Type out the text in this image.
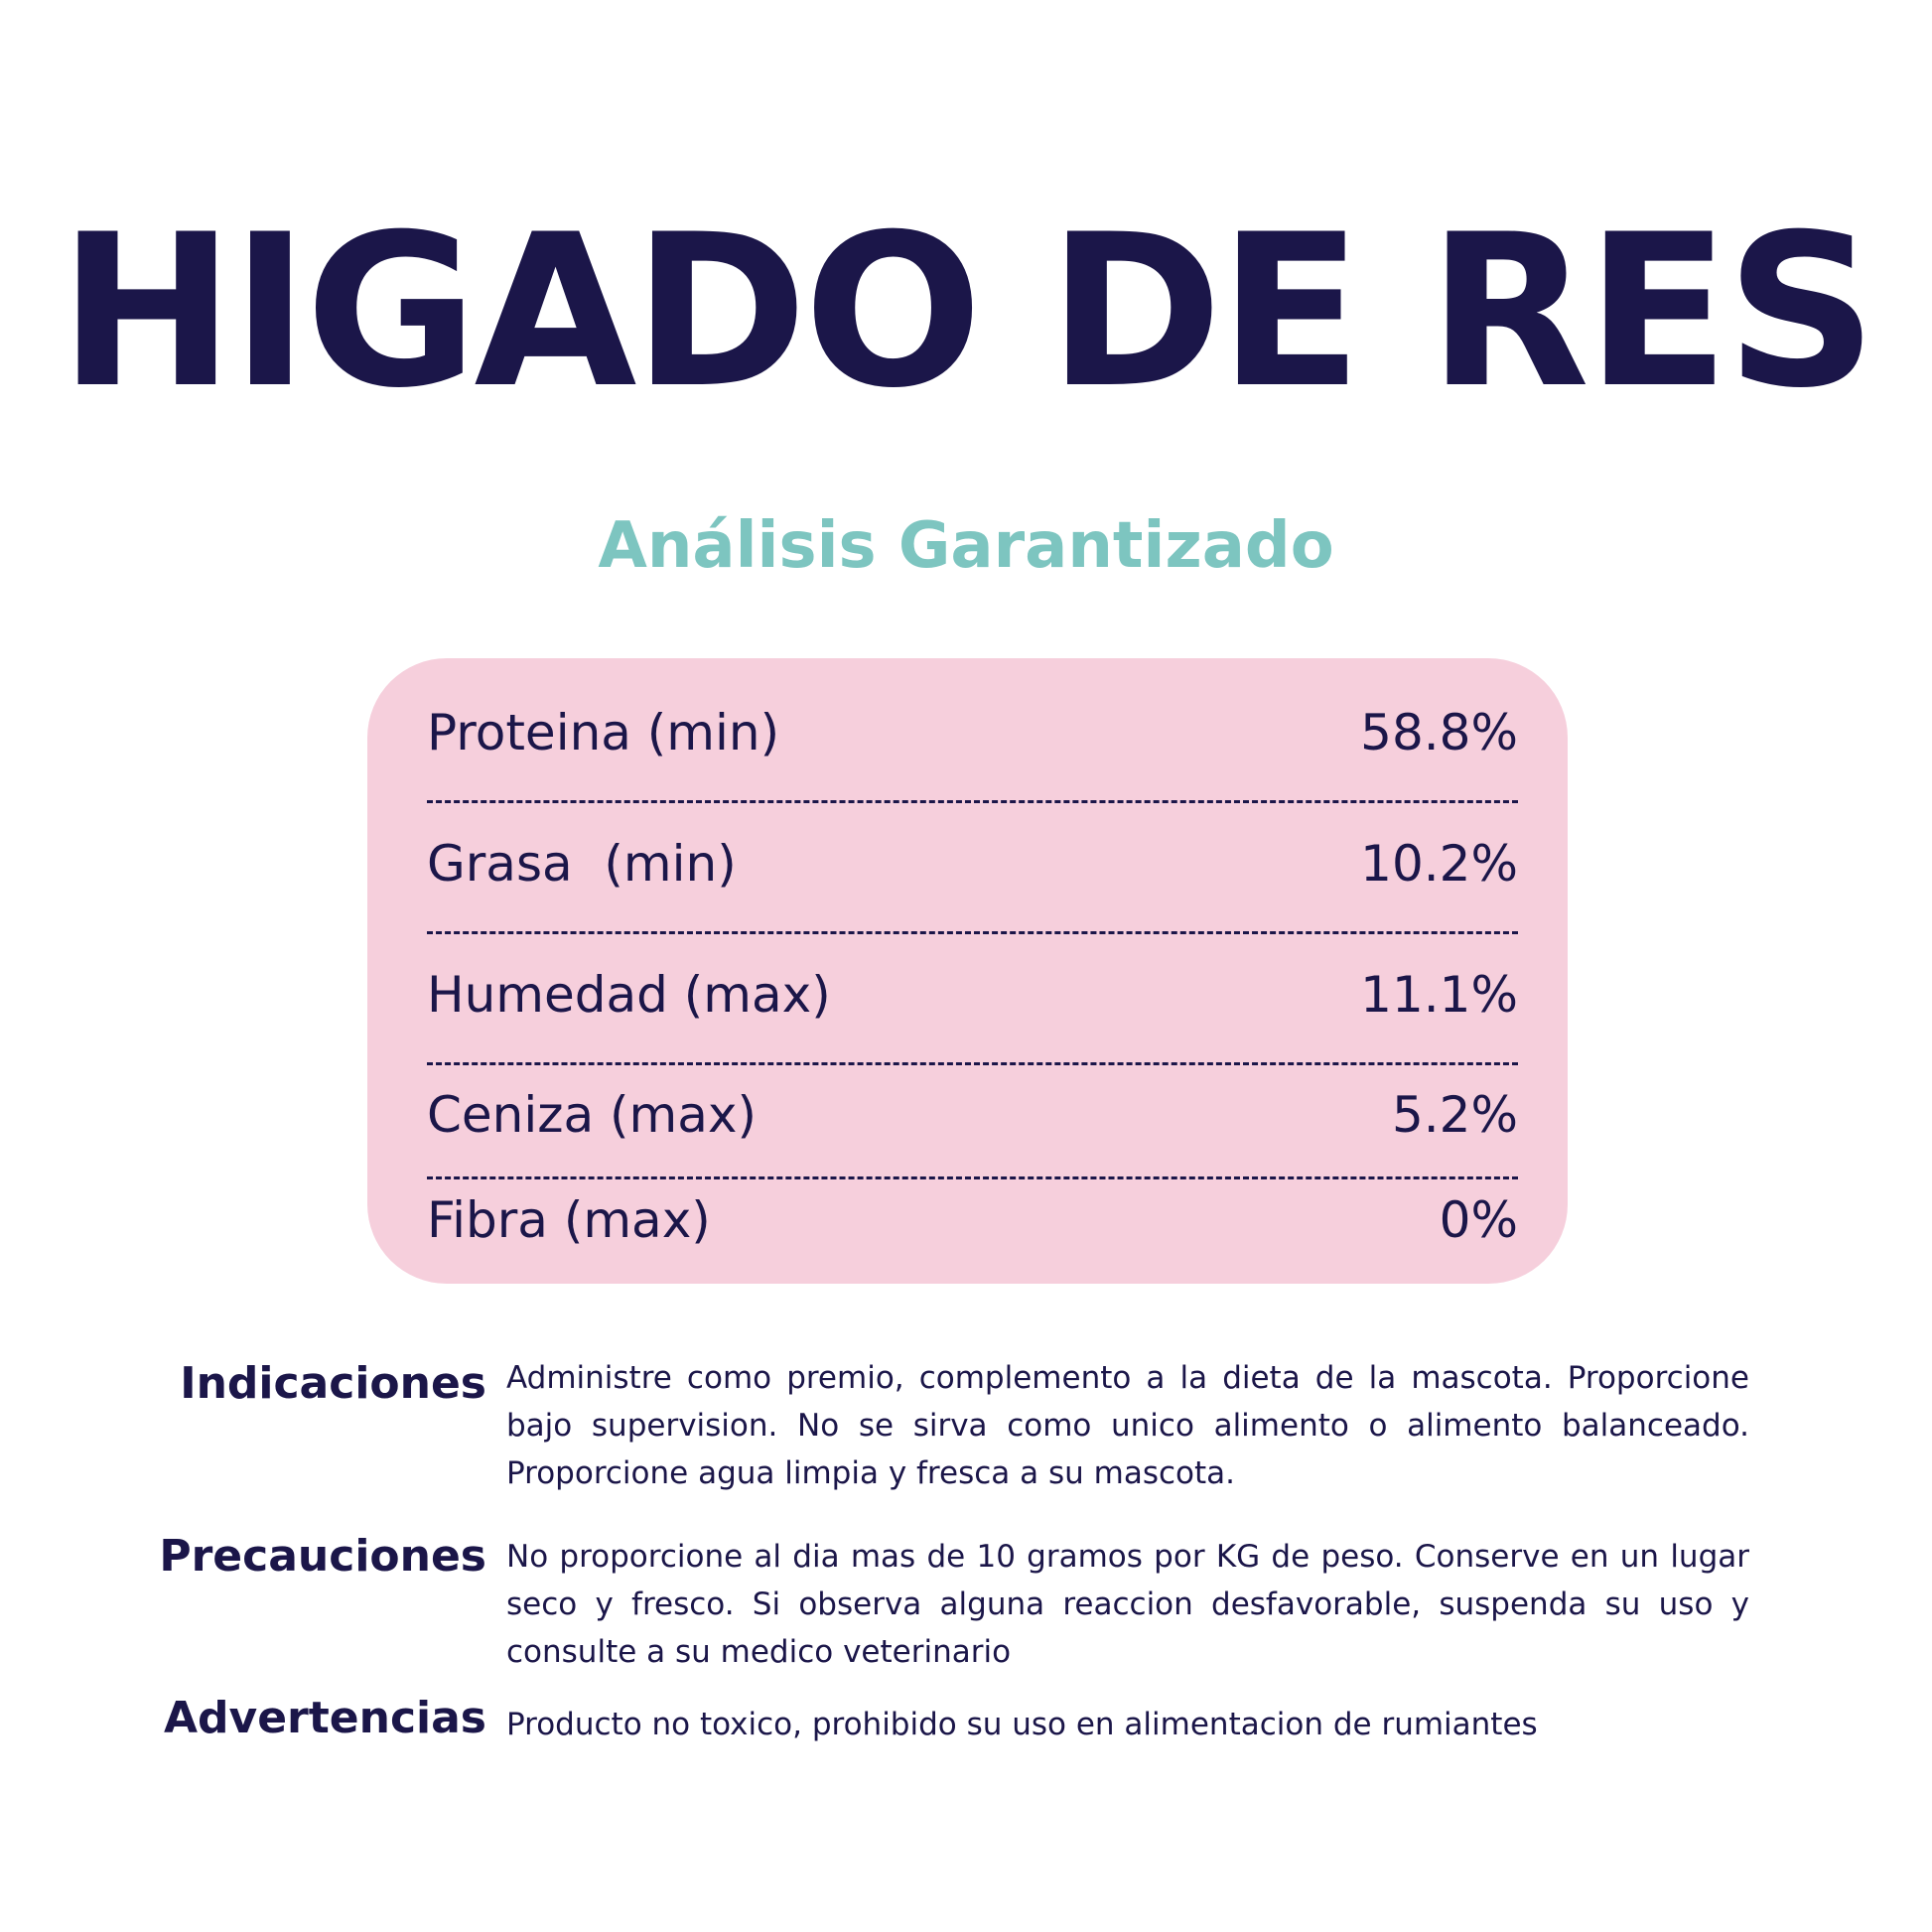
HIGADO DE RES
Análisis Garantizado
Proteina (min)	58.8%
Grasa  (min)	10.2%
Humedad (max)	11.1%
Ceniza (max)	5.2%
Fibra (max)	0%
Indicaciones Administre como premio, complemento a la dieta de la mascota. Proporcione bajo supervision. No se sirva como unico alimento o alimento balanceado. Proporcione agua limpia y fresca a su mascota.
Precauciones No proporcione al dia mas de 10 gramos por KG de peso. Conserve en un lugar seco y fresco. Si observa alguna reaccion desfavorable, suspenda su uso y consulte a su medico veterinario
Advertencias Producto no toxico, prohibido su uso en alimentacion de rumiantes
